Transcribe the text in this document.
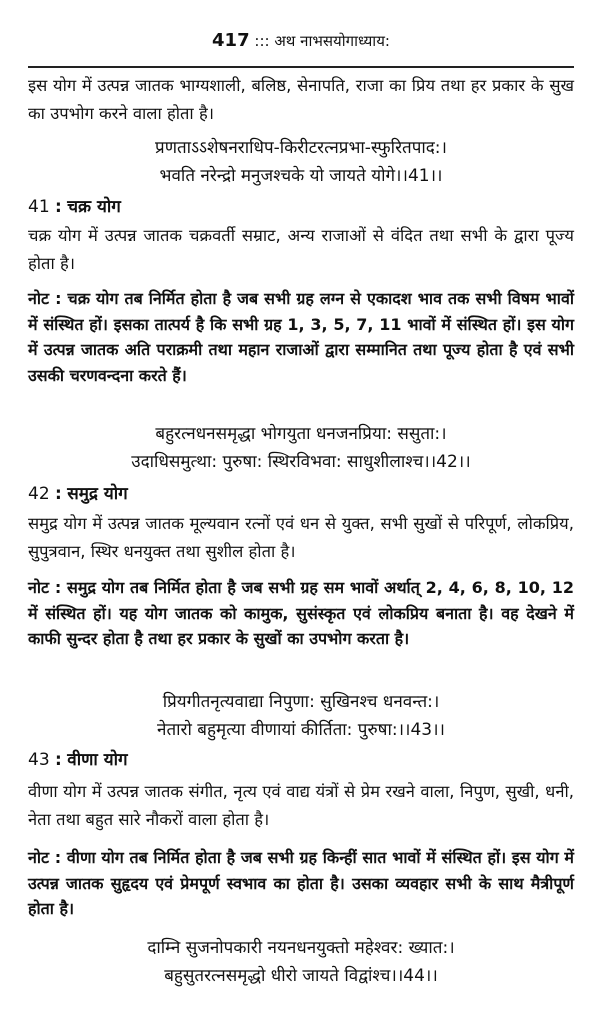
417 ::: अथ नाभसयोगाध्याय:
इस योग में उत्पन्न जातक भाग्यशाली, बलिष्ठ, सेनापति, राजा का प्रिय तथा हर प्रकार के सुख का उपभोग करने वाला होता है।
प्रणताऽऽशेषनराधिप-किरीटरत्नप्रभा-स्फुरितपाद:।
भवति नरेन्द्रो मनुजश्चके यो जायते योगे।।41।।
41 : चक्र योग
चक्र योग में उत्पन्न जातक चक्रवर्ती सम्राट, अन्य राजाओं से वंदित तथा सभी के द्वारा पूज्य होता है।
नोट : चक्र योग तब निर्मित होता है जब सभी ग्रह लग्न से एकादश भाव तक सभी विषम भावों में संस्थित हों। इसका तात्पर्य है कि सभी ग्रह 1, 3, 5, 7, 11 भावों में संस्थित हों। इस योग में उत्पन्न जातक अति पराक्रमी तथा महान राजाओं द्वारा सम्मानित तथा पूज्य होता है एवं सभी उसकी चरणवन्दना करते हैं।
बहुरत्नधनसमृद्धा भोगयुता धनजनप्रिया: ससुता:।
उदाधिसमुत्था: पुरुषा: स्थिरविभवा: साधुशीलाश्च।।42।।
42 : समुद्र योग
समुद्र योग में उत्पन्न जातक मूल्यवान रत्नों एवं धन से युक्त, सभी सुखों से परिपूर्ण, लोकप्रिय, सुपुत्रवान, स्थिर धनयुक्त तथा सुशील होता है।
नोट : समुद्र योग तब निर्मित होता है जब सभी ग्रह सम भावों अर्थात् 2, 4, 6, 8, 10, 12 में संस्थित हों। यह योग जातक को कामुक, सुसंस्कृत एवं लोकप्रिय बनाता है। वह देखने में काफी सुन्दर होता है तथा हर प्रकार के सुखों का उपभोग करता है।
प्रियगीतनृत्यवाद्या निपुणा: सुखिनश्च धनवन्त:।
नेतारो बहुमृत्या वीणायां कीर्तिता: पुरुषा:।।43।।
43 : वीणा योग
वीणा योग में उत्पन्न जातक संगीत, नृत्य एवं वाद्य यंत्रों से प्रेम रखने वाला, निपुण, सुखी, धनी, नेता तथा बहुत सारे नौकरों वाला होता है।
नोट : वीणा योग तब निर्मित होता है जब सभी ग्रह किन्हीं सात भावों में संस्थित हों। इस योग में उत्पन्न जातक सुहृदय एवं प्रेमपूर्ण स्वभाव का होता है। उसका व्यवहार सभी के साथ मैत्रीपूर्ण होता है।
दाम्नि सुजनोपकारी नयनधनयुक्तो महेश्वर: ख्यात:।
बहुसुतरत्नसमृद्धो धीरो जायते विद्वांश्च।।44।।
